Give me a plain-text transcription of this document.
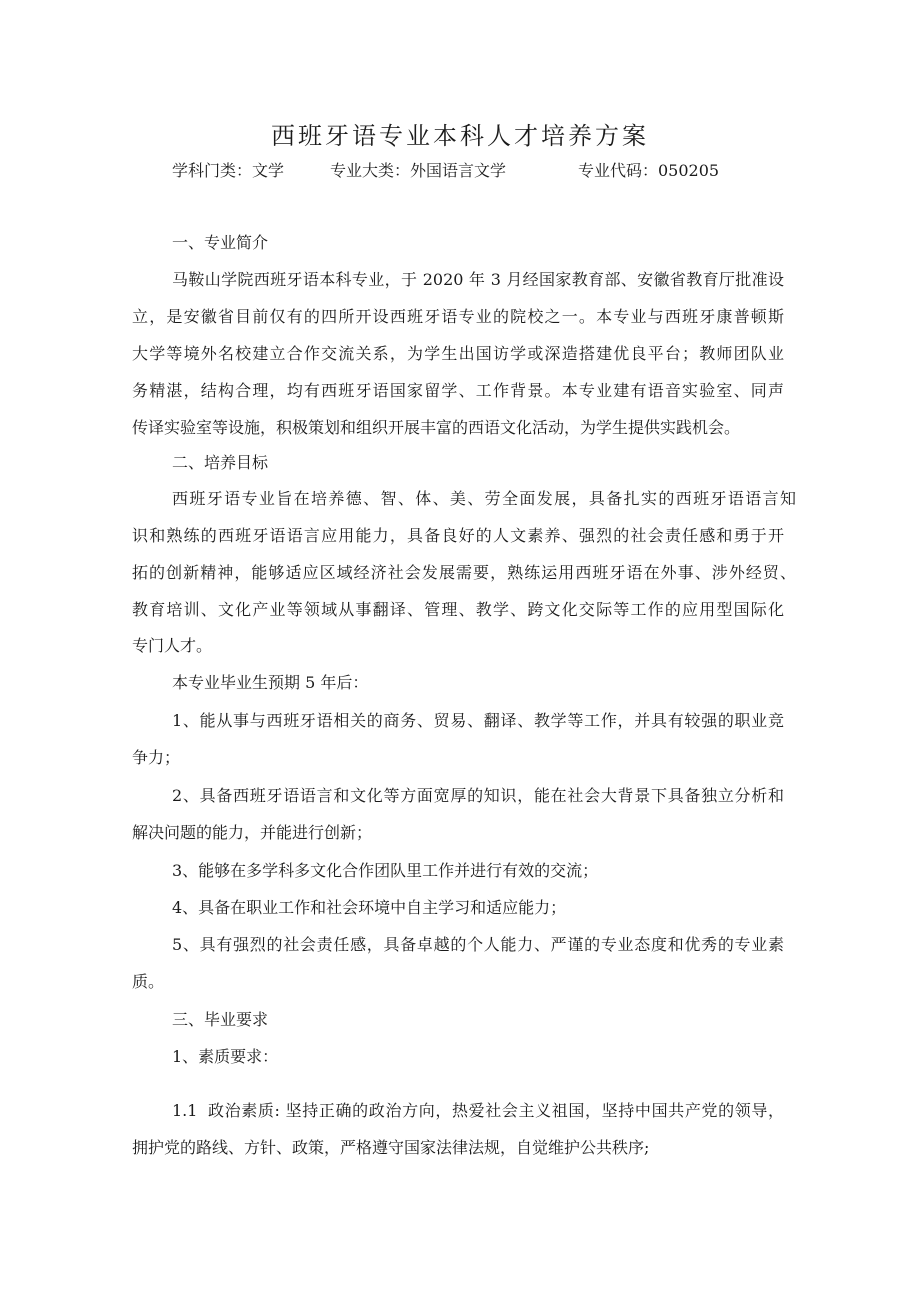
西班牙语专业本科人才培养方案
学科门类：文学	专业大类：外国语言文学	专业代码：050205
一、专业简介
马鞍山学院西班牙语本科专业，于 2020 年 3 月经国家教育部、安徽省教育厅批准设
立，是安徽省目前仅有的四所开设西班牙语专业的院校之一。本专业与西班牙康普顿斯
大学等境外名校建立合作交流关系，为学生出国访学或深造搭建优良平台；教师团队业
务精湛，结构合理，均有西班牙语国家留学、工作背景。本专业建有语音实验室、同声
传译实验室等设施，积极策划和组织开展丰富的西语文化活动，为学生提供实践机会。
二、培养目标
西班牙语专业旨在培养德、智、体、美、劳全面发展，具备扎实的西班牙语语言知
识和熟练的西班牙语语言应用能力，具备良好的人文素养、强烈的社会责任感和勇于开
拓的创新精神，能够适应区域经济社会发展需要，熟练运用西班牙语在外事、涉外经贸、
教育培训、文化产业等领域从事翻译、管理、教学、跨文化交际等工作的应用型国际化
专门人才。
本专业毕业生预期 5 年后：
1、能从事与西班牙语相关的商务、贸易、翻译、教学等工作，并具有较强的职业竞
争力；
2、具备西班牙语语言和文化等方面宽厚的知识，能在社会大背景下具备独立分析和
解决问题的能力，并能进行创新；
3、能够在多学科多文化合作团队里工作并进行有效的交流；
4、具备在职业工作和社会环境中自主学习和适应能力；
5、具有强烈的社会责任感，具备卓越的个人能力、严谨的专业态度和优秀的专业素
质。
三、毕业要求
1、素质要求：
1.1 政治素质: 坚持正确的政治方向，热爱社会主义祖国，坚持中国共产党的领导，
拥护党的路线、方针、政策，严格遵守国家法律法规，自觉维护公共秩序;
